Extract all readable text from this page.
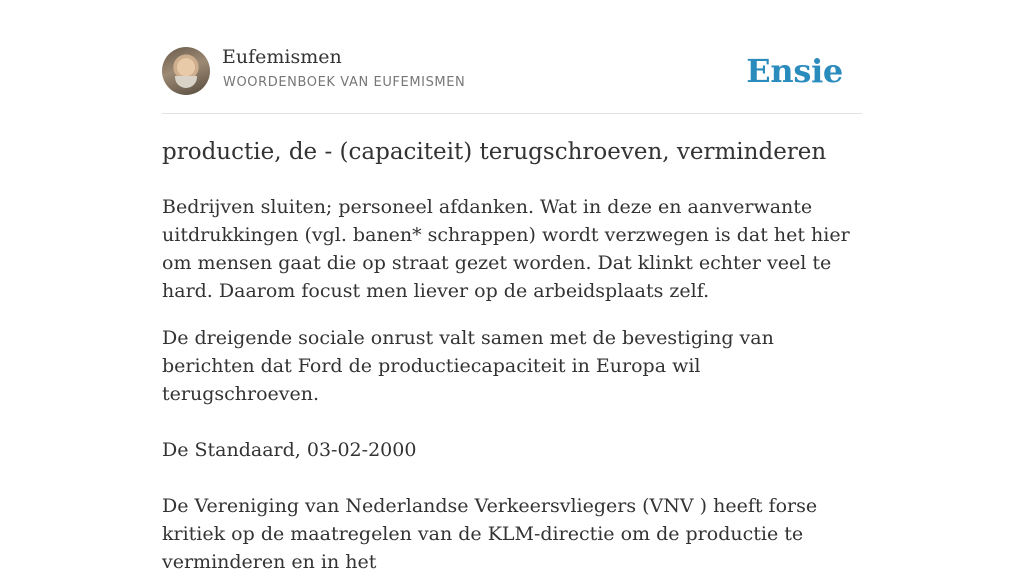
Eufemismen
WOORDENBOEK VAN EUFEMISMEN	Ensie
productie, de - (capaciteit) terugschroeven, verminderen

Bedrijven sluiten; personeel afdanken. Wat in deze en aanverwante uitdrukkingen (vgl. banen* schrappen) wordt verzwegen is dat het hier om mensen gaat die op straat gezet worden. Dat klinkt echter veel te hard. Daarom focust men liever op de arbeidsplaats zelf.

De dreigende sociale onrust valt samen met de bevestiging van berichten dat Ford de productiecapaciteit in Europa wil terugschroeven.

De Standaard, 03-02-2000

De Vereniging van Nederlandse Verkeersvliegers (VNV ) heeft forse kritiek op de maatregelen van de KLM-directie om de productie te verminderen en in het
